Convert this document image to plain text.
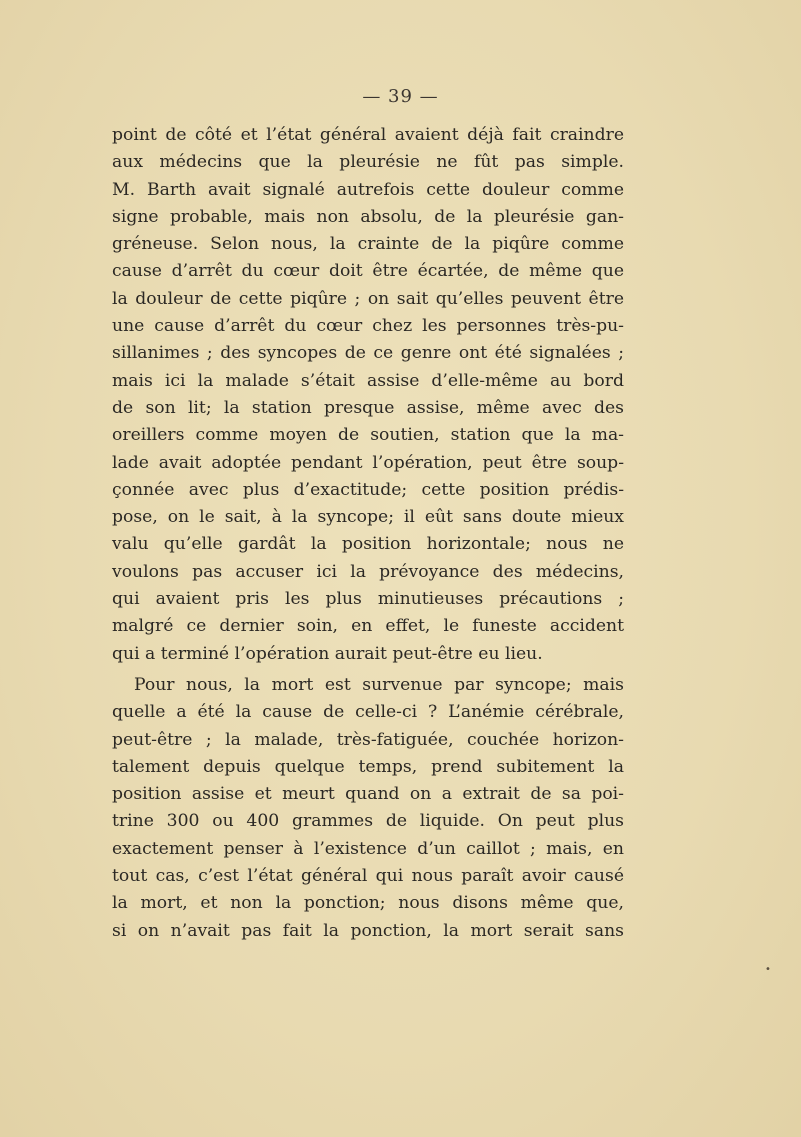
— 39 —
point de côté et l’état général avaient déjà fait craindre
aux médecins que la pleurésie ne fût pas simple.
M. Barth avait signalé autrefois cette douleur comme
signe probable, mais non absolu, de la pleurésie gan-
gréneuse. Selon nous, la crainte de la piqûre comme
cause d’arrêt du cœur doit être écartée, de même que
la douleur de cette piqûre ; on sait qu’elles peuvent être
une cause d’arrêt du cœur chez les personnes très-pu-
sillanimes ; des syncopes de ce genre ont été signalées ;
mais ici la malade s’était assise d’elle-même au bord
de son lit; la station presque assise, même avec des
oreillers comme moyen de soutien, station que la ma-
lade avait adoptée pendant l’opération, peut être soup-
çonnée avec plus d’exactitude; cette position prédis-
pose, on le sait, à la syncope; il eût sans doute mieux
valu qu’elle gardât la position horizontale; nous ne
voulons pas accuser ici la prévoyance des médecins,
qui avaient pris les plus minutieuses précautions ;
malgré ce dernier soin, en effet, le funeste accident
qui a terminé l’opération aurait peut-être eu lieu.
Pour nous, la mort est survenue par syncope; mais
quelle a été la cause de celle-ci ? L’anémie cérébrale,
peut-être ; la malade, très-fatiguée, couchée horizon-
talement depuis quelque temps, prend subitement la
position assise et meurt quand on a extrait de sa poi-
trine 300 ou 400 grammes de liquide. On peut plus
exactement penser à l’existence d’un caillot ; mais, en
tout cas, c’est l’état général qui nous paraît avoir causé
la mort, et non la ponction; nous disons même que,
si on n’avait pas fait la ponction, la mort serait sans
•
